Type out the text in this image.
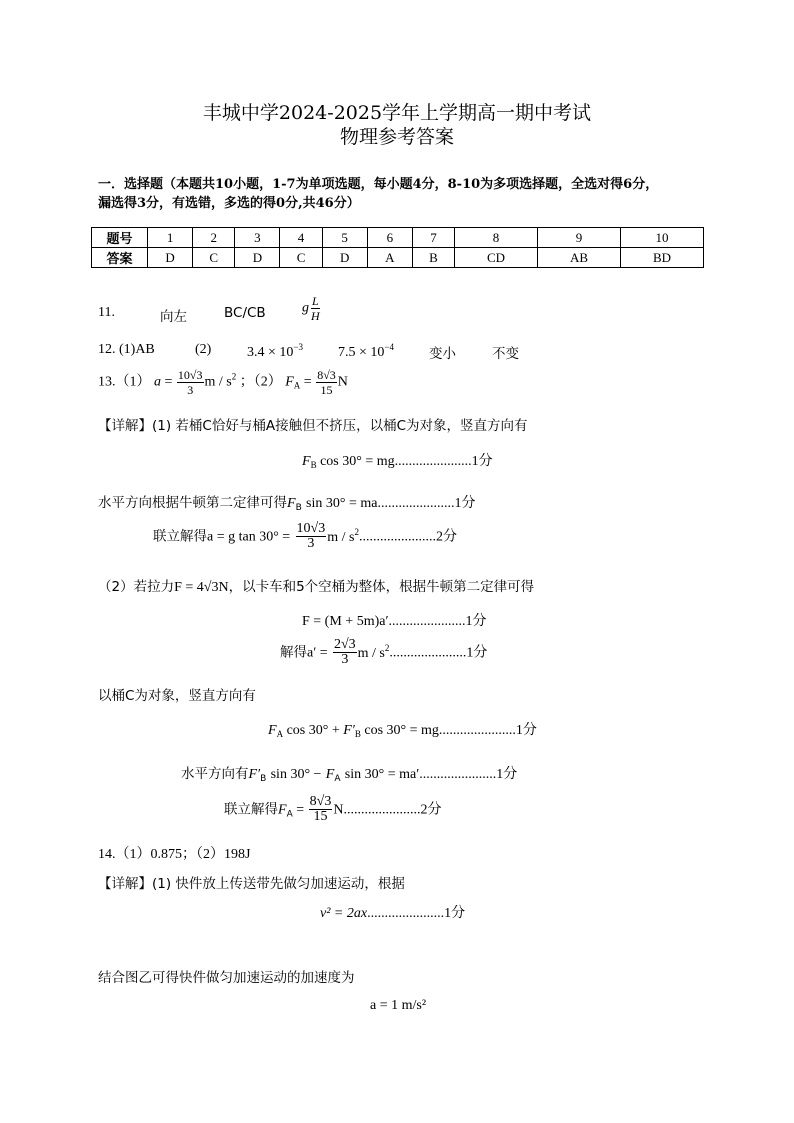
丰城中学2024-2025学年上学期高一期中考试
物理参考答案
一．选择题（本题共10小题，1-7为单项选题，每小题4分，8-10为多项选择题，全选对得6分，
漏选得3分，有选错，多选的得0分,共46分）
题号	1	2	3	4	5	6	7	8	9	10
答案	D	C	D	C	D	A	B	CD	AB	BD
11.	向左	BC/CB	g $\frac{L}{H}$
12. (1)AB	(2)	$3.4 \times 10^{-3}$	$7.5 \times 10^{-4}$	变小	不变
13.（1） $a = \frac{10√3}{3}$ m / $s^2$ ；（2） $F_A = \frac{8√3}{15}$ N
【详解】(1) 若桶C恰好与桶A接触但不挤压，以桶C为对象，竖直方向有
$F_B$ cos 30° = mg......................1分
水平方向根据牛顿第二定律可得$F_B$ sin 30° = ma......................1分
联立解得a = g $\tan 30^\circ = \frac{10√3}{3}$ m / $s^2......................2$分
（2）若拉力F = 4√3N，以卡车和5个空桶为整体，根据牛顿第二定律可得
F = (M + 5m)a′......................1分
解得$a' = \frac{2√3}{3}$ m / $s^2......................1$分
以桶C为对象，竖直方向有
$F_A$ $\cos 30^\circ + F'_B$ cos 30° = mg......................1分
水平方向有$F'_B$ $\sin 30^\circ - F_A$ sin 30° = ma′......................1分
联立解得$F_A = \frac{8√3}{15} N......................2$分
14.（1）0.875；（2）198J
【详解】(1) 快件放上传送带先做匀加速运动，根据
v² = 2ax......................1分
结合图乙可得快件做匀加速运动的加速度为
a = 1 m/s²
